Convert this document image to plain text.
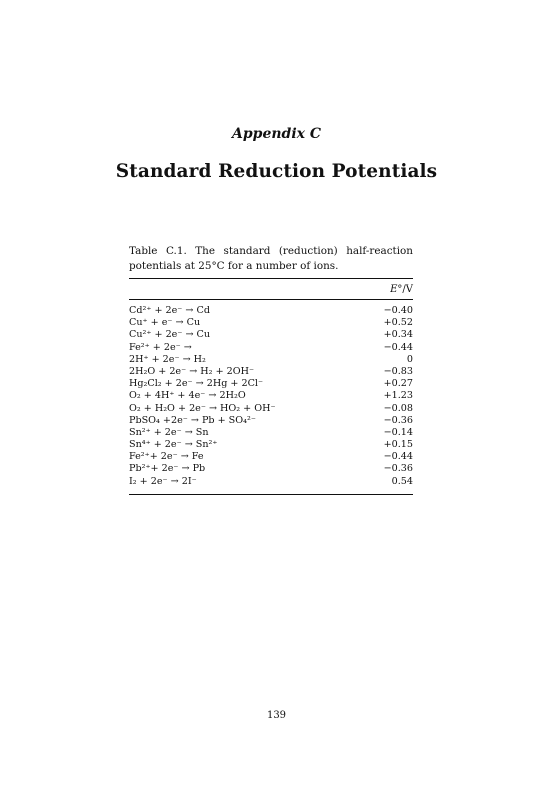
Appendix C
Standard Reduction Potentials
Table C.1. The standard (reduction) half-reaction
potentials at 25°C for a number of ions.
E°/V
Cd²⁺ + 2e⁻ → Cd	−0.40
Cu⁺ + e⁻ → Cu	+0.52
Cu²⁺ + 2e⁻ → Cu	+0.34
Fe²⁺ + 2e⁻ →	−0.44
2H⁺ + 2e⁻ → H₂	0
2H₂O + 2e⁻ → H₂ + 2OH⁻	−0.83
Hg₂Cl₂ + 2e⁻ → 2Hg + 2Cl⁻	+0.27
O₂ + 4H⁺ + 4e⁻ → 2H₂O	+1.23
O₂ + H₂O + 2e⁻ → HO₂ + OH⁻	−0.08
PbSO₄ +2e⁻ → Pb + SO₄²⁻	−0.36
Sn²⁺ + 2e⁻ → Sn	−0.14
Sn⁴⁺ + 2e⁻ → Sn²⁺	+0.15
Fe²⁺+ 2e⁻ → Fe	−0.44
Pb²⁺+ 2e⁻ → Pb	−0.36
I₂ + 2e⁻ → 2I⁻	0.54
139
